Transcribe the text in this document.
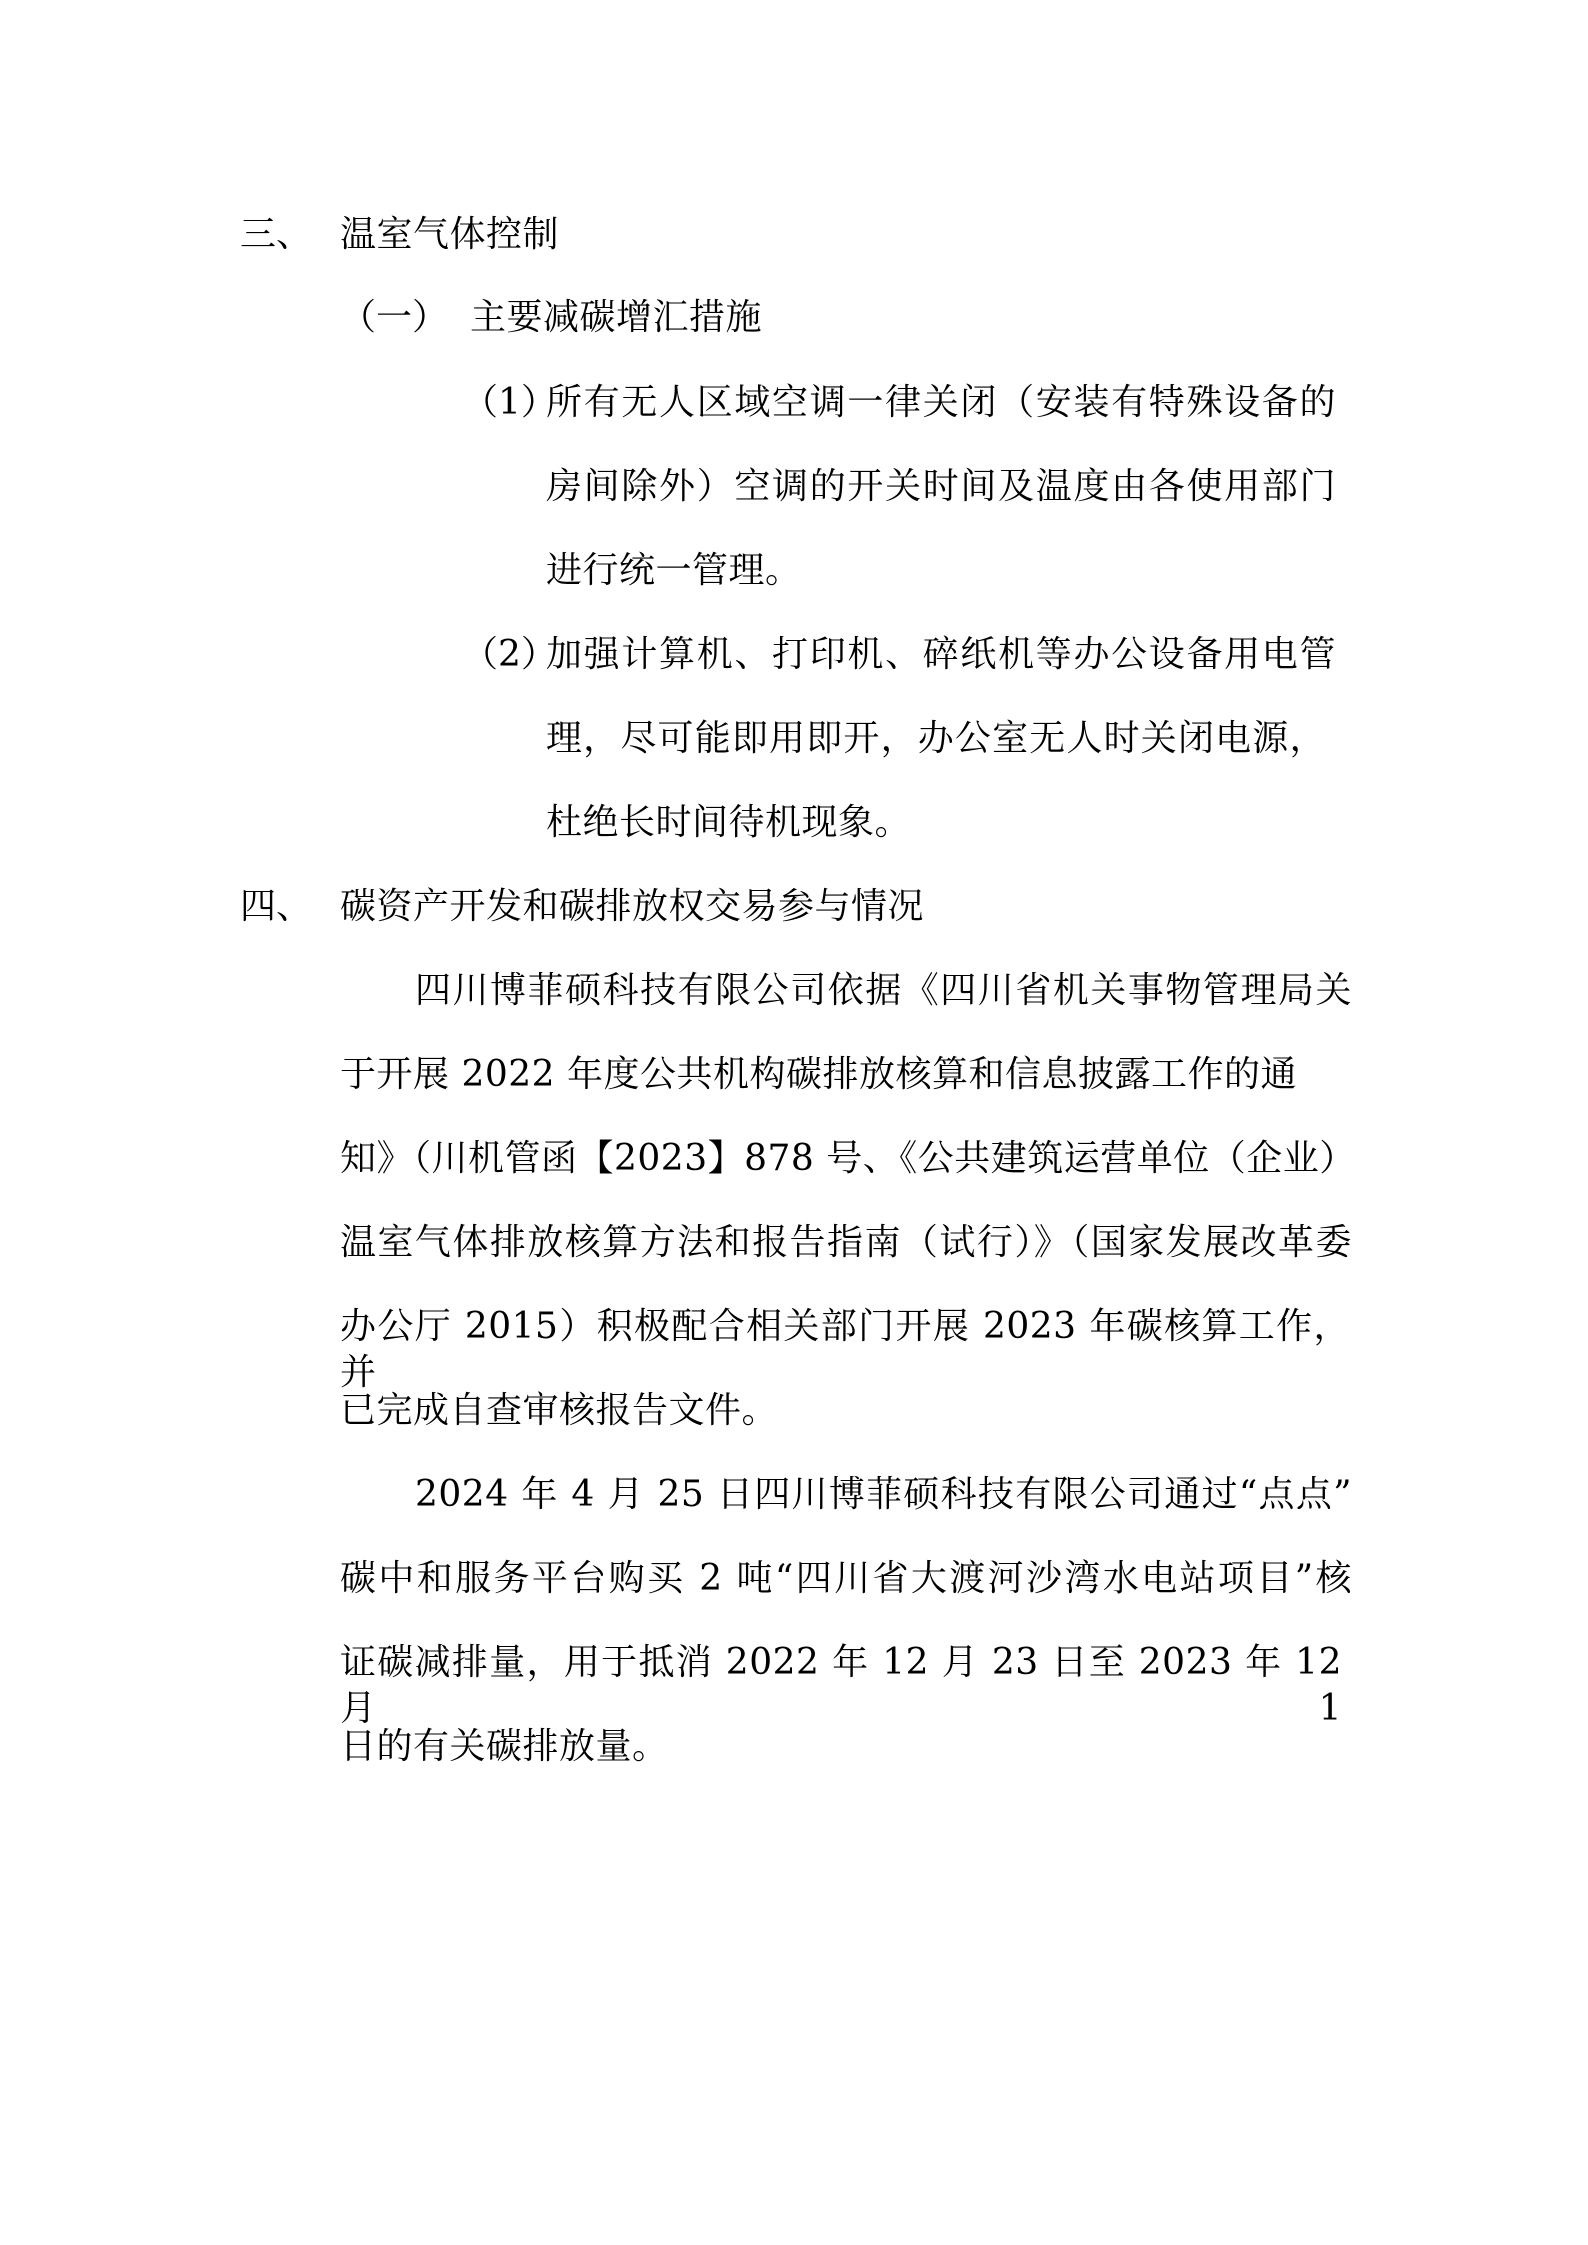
三、 温室气体控制
（一） 主要减碳增汇措施
（1）
所有无人区域空调一律关闭（安装有特殊设备的
房间除外）空调的开关时间及温度由各使用部门
进行统一管理。
（2）
加强计算机、打印机、碎纸机等办公设备用电管
理，尽可能即用即开，办公室无人时关闭电源，
杜绝长时间待机现象。
四、 碳资产开发和碳排放权交易参与情况
四川博菲硕科技有限公司依据《四川省机关事物管理局关
于开展 2022 年度公共机构碳排放核算和信息披露工作的通
知》（川机管函【2023】878 号、《公共建筑运营单位（企业）
温室气体排放核算方法和报告指南（试行）》（国家发展改革委
办公厅 2015）积极配合相关部门开展 2023 年碳核算工作，并
已完成自查审核报告文件。
2024 年 4 月 25 日四川博菲硕科技有限公司通过“点点”
碳中和服务平台购买 2 吨“四川省大渡河沙湾水电站项目”核
证碳减排量，用于抵消 2022 年 12 月 23 日至 2023 年 12 月 1
日的有关碳排放量。
